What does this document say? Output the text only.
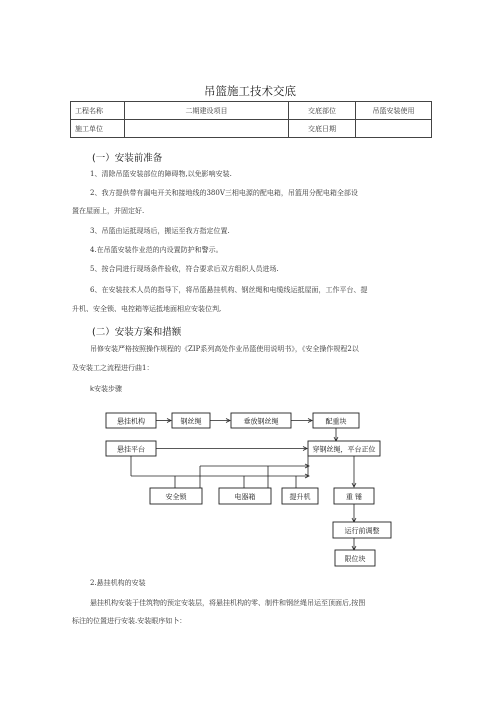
吊篮施工技术交底
工程名称	二期建设项目	交底部位	吊篮安装使用
施工单位		交底日期	
(一）安装前准备
1、清除吊篮安装部位的障碍物,以免影响安装.
2、我方提供带有漏电开关和接地线的380V三相电源的配电箱，吊篮用分配电箱全部设
置在屋面上，并固定好.
3、吊篮由运抵现场后，搬运至我方指定位置.
4.在吊篮安装作业范的内设置防护和警示。
5、按合同进行现场条件验收，符合要求后双方组织人员进场.
6、在安装技术人员的指导下，将吊篮悬挂机构、钢丝绳和电缆线运抵屋面，工作平台、提
升机、安全锁、电控箱等运抵地面相应安装位判,
(二）安装方案和措额
吊修安装严格按照操作规程的《ZIP系列高处作业吊篮使用说明书》，《安全操作规程2以
及安装工之流程进行曲1：
k安装步骤
悬挂机构	钢丝绳	垂放钢丝绳	配重块
悬挂平台	穿钢丝绳，平台正位
安全锁	电器箱	提升机	重 锤
运行前调整
限位块
2.悬挂机构的安装
悬挂机构安装于佳筑物的预定安装层，将悬挂机构的零、制件和钢丝绳吊运至顶面后,按图
标注的位置进行安装.安装眼序如卜：
